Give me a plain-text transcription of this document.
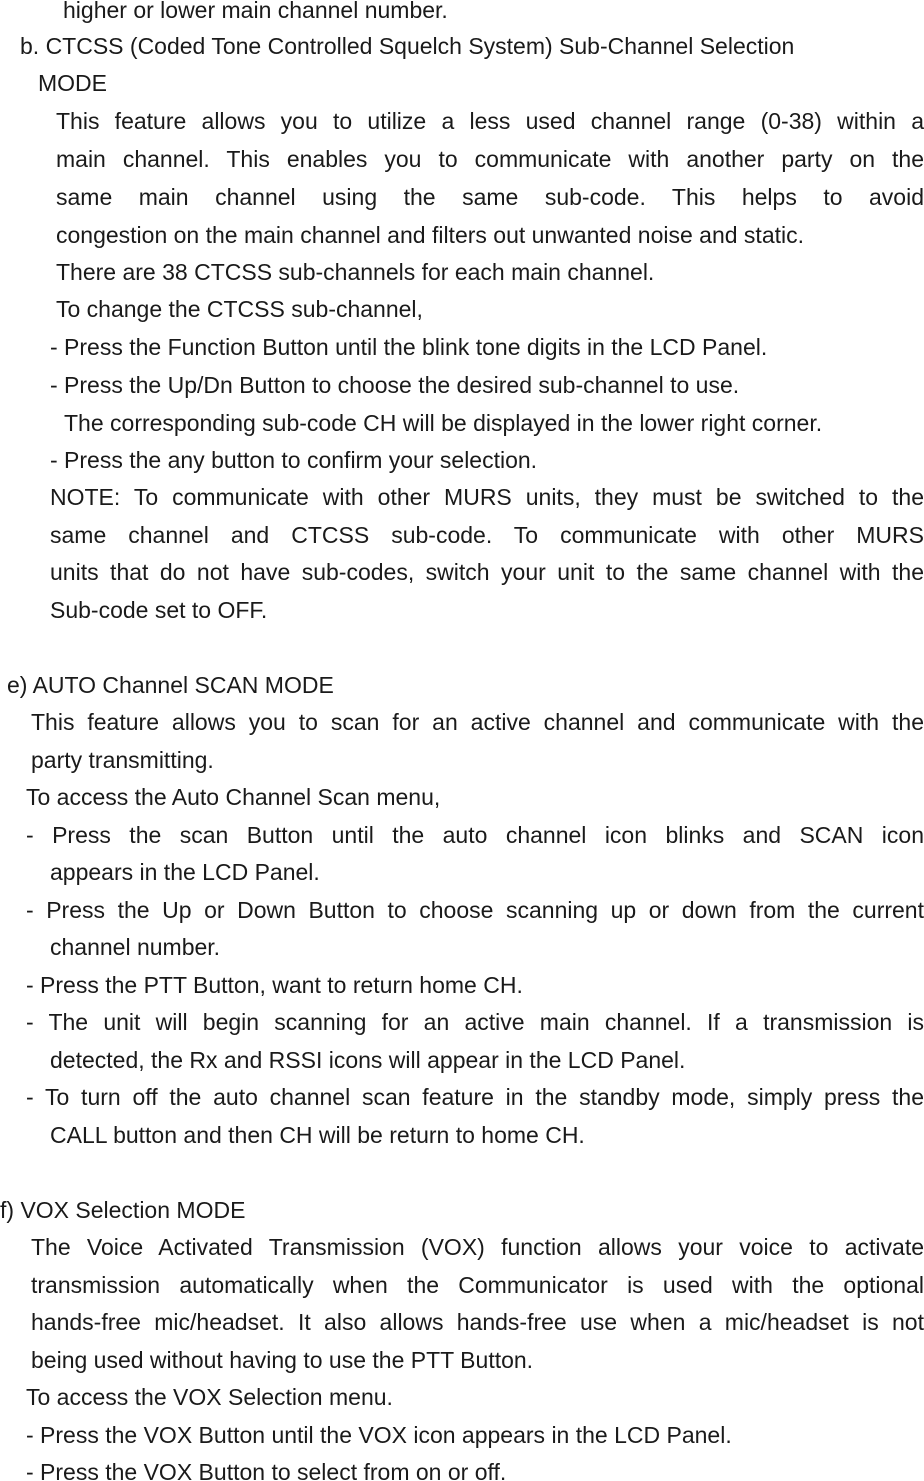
higher or lower main channel number.
b. CTCSS (Coded Tone Controlled Squelch System) Sub-Channel Selection
MODE
This feature allows you to utilize a less used channel range (0-38) within a
main channel. This enables you to communicate with another party on the
same main channel using the same sub-code. This helps to avoid
congestion on the main channel and filters out unwanted noise and static.
There are 38 CTCSS sub-channels for each main channel.
To change the CTCSS sub-channel,
- Press the Function Button until the blink tone digits in the LCD Panel.
- Press the Up/Dn Button to choose the desired sub-channel to use.
The corresponding sub-code CH will be displayed in the lower right corner.
- Press the any button to confirm your selection.
NOTE: To communicate with other MURS units, they must be switched to the
same channel and CTCSS sub-code. To communicate with other MURS
units that do not have sub-codes, switch your unit to the same channel with the
Sub-code set to OFF.
e) AUTO Channel SCAN MODE
This feature allows you to scan for an active channel and communicate with the
party transmitting.
To access the Auto Channel Scan menu,
- Press the scan Button until the auto channel icon blinks and SCAN icon
appears in the LCD Panel.
- Press the Up or Down Button to choose scanning up or down from the current
channel number.
- Press the PTT Button, want to return home CH.
- The unit will begin scanning for an active main channel. If a transmission is
detected, the Rx and RSSI icons will appear in the LCD Panel.
- To turn off the auto channel scan feature in the standby mode, simply press the
CALL button and then CH will be return to home CH.
f) VOX Selection MODE
The Voice Activated Transmission (VOX) function allows your voice to activate
transmission automatically when the Communicator is used with the optional
hands-free mic/headset. It also allows hands-free use when a mic/headset is not
being used without having to use the PTT Button.
To access the VOX Selection menu.
- Press the VOX Button until the VOX icon appears in the LCD Panel.
- Press the VOX Button to select from on or off.
